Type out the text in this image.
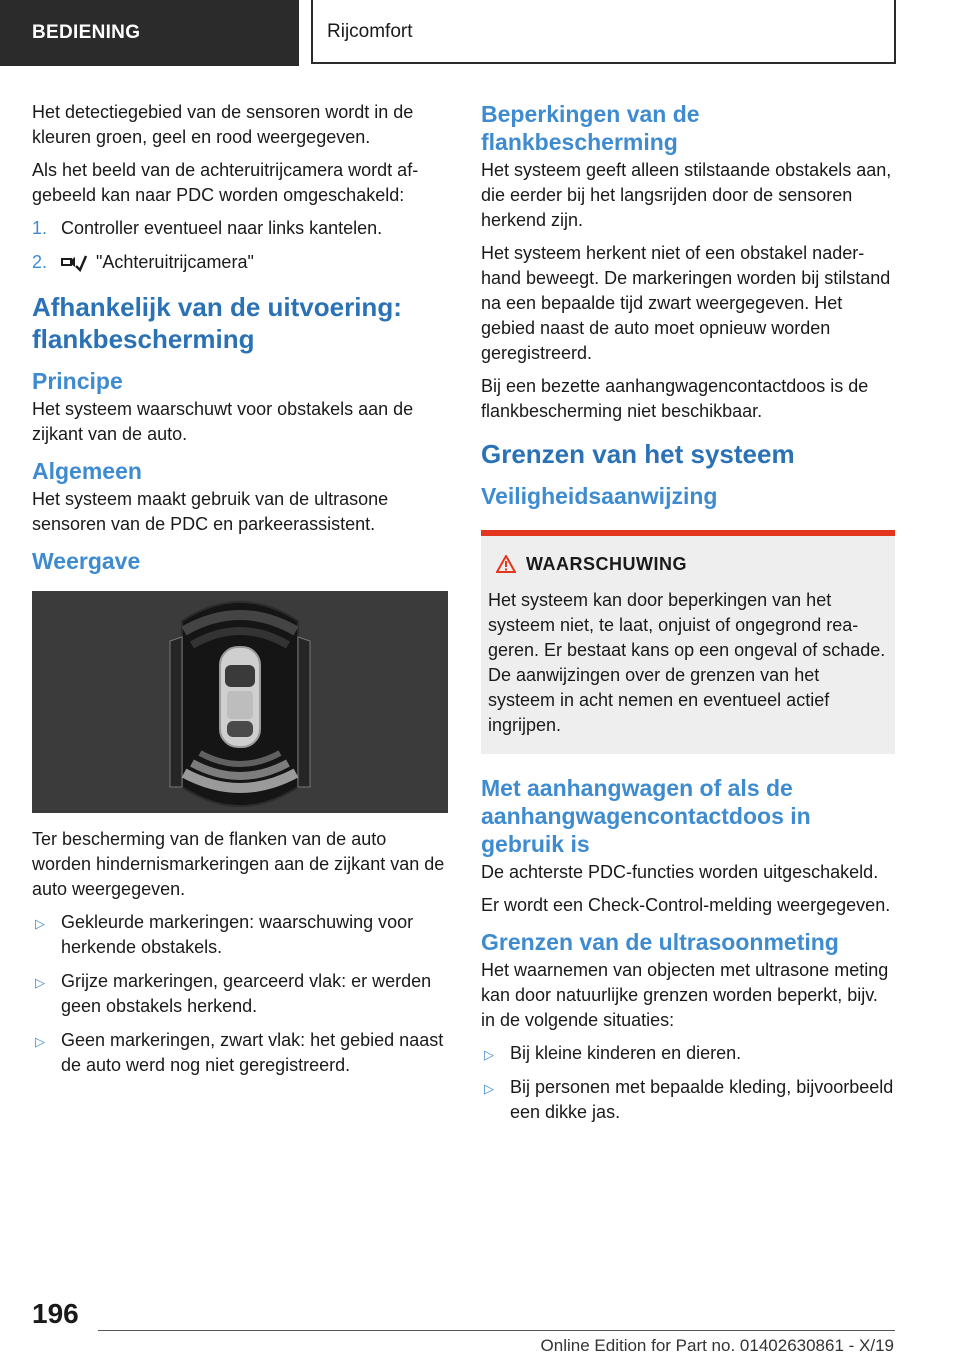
BEDIENING	Rijcomfort

Het detectiegebied van de sensoren wordt in de kleuren groen, geel en rood weergegeven.

Als het beeld van de achteruitrijcamera wordt afgebeeld kan naar PDC worden omgeschakeld:

1. Controller eventueel naar links kantelen.
2.	"Achteruitrijcamera"
Afhankelijk van de uitvoering: flankbescherming
Principe

Het systeem waarschuwt voor obstakels aan de zijkant van de auto.

Algemeen

Het systeem maakt gebruik van de ultrasone sensoren van de PDC en parkeerassistent.

Weergave

Ter bescherming van de flanken van de auto worden hindernismarkeringen aan de zijkant van de auto weergegeven.

▷ Gekleurde markeringen: waarschuwing voor herkende obstakels.
▷ Grijze markeringen, gearceerd vlak: er werden geen obstakels herkend.
▷ Geen markeringen, zwart vlak: het gebied naast de auto werd nog niet geregistreerd.
Beperkingen van de flankbescherming

Het systeem geeft alleen stilstaande obstakels aan, die eerder bij het langsrijden door de sensoren herkend zijn.

Het systeem herkent niet of een obstakel naderhand beweegt. De markeringen worden bij stilstand na een bepaalde tijd zwart weergegeven. Het gebied naast de auto moet opnieuw worden geregistreerd.

Bij een bezette aanhangwagencontactdoos is de flankbescherming niet beschikbaar.

Grenzen van het systeem
Veiligheidsaanwijzing
WAARSCHUWING

Het systeem kan door beperkingen van het systeem niet, te laat, onjuist of ongegrond reageren. Er bestaat kans op een ongeval of schade. De aanwijzingen over de grenzen van het systeem in acht nemen en eventueel actief ingrijpen.

Met aanhangwagen of als de aanhangwagencontactdoos in gebruik is

De achterste PDC-functies worden uitgeschakeld.

Er wordt een Check-Control-melding weergegeven.

Grenzen van de ultrasoonmeting

Het waarnemen van objecten met ultrasone meting kan door natuurlijke grenzen worden beperkt, bijv. in de volgende situaties:

▷ Bij kleine kinderen en dieren.
▷ Bij personen met bepaalde kleding, bijvoorbeeld een dikke jas.
196
Online Edition for Part no. 01402630861 - X/19
